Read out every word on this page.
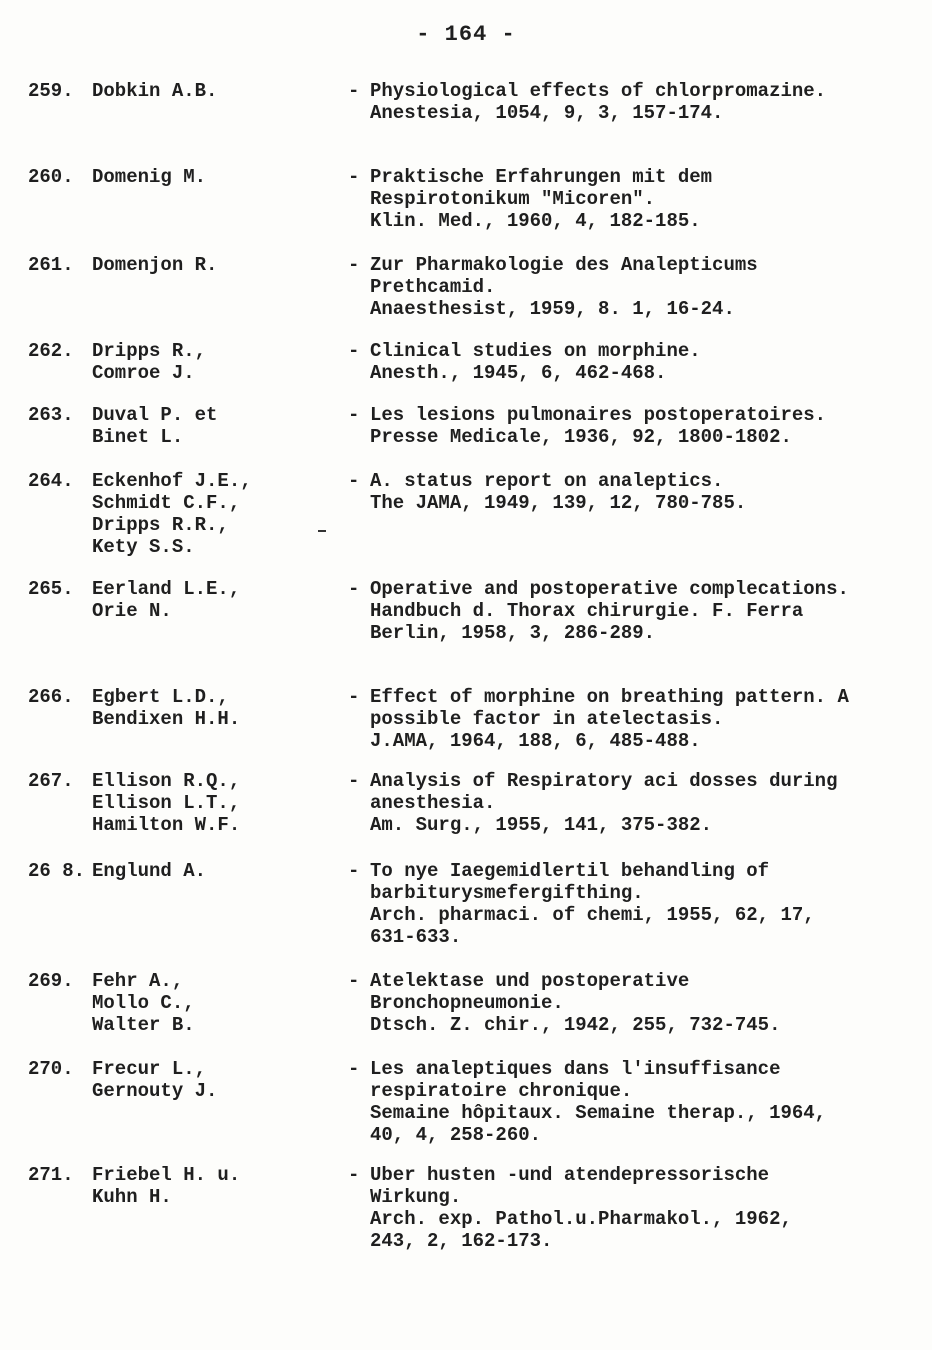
- 164 -
259. Dobkin A.B.	- Physiological effects of chlorpromazine.
Anestesia, 1054, 9, 3, 157-174.
260. Domenig M.	- Praktische Erfahrungen mit dem Respirotonikum "Micoren".
Klin. Med., 1960, 4, 182-185.
261. Domenjon R.	- Zur Pharmakologie des Analepticums Prethcamid.
Anaesthesist, 1959, 8. 1, 16-24.
262. Dripps R.,
Comroe J.
- Clinical studies on morphine.
Anesth., 1945, 6, 462-468.
263. Duval P. et
Binet L.
- Les lesions pulmonaires postoperatoires.
Presse Medicale, 1936, 92, 1800-1802.
264. Eckenhof J.E.,
Schmidt C.F.,
Dripps R.R.,
Kety S.S.
- A. status report on analeptics.
The JAMA, 1949, 139, 12, 780-785.
265. Eerland L.E.,
Orie N.
- Operative and postoperative complecations.
Handbuch d. Thorax chirurgie. F. Ferra
Berlin, 1958, 3, 286-289.
266. Egbert L.D.,
Bendixen H.H.
- Effect of morphine on breathing pattern. A possible factor in atelectasis.
J.AMA, 1964, 188, 6, 485-488.
267. Ellison R.Q.,
Ellison L.T.,
Hamilton W.F.
- Analysis of Respiratory aci dosses during anesthesia.
Am. Surg., 1955, 141, 375-382.
26 8. Englund A.	- To nye Iaegemidlertil behandling of barbiturysmefergifthing.
Arch. pharmaci. of chemi, 1955, 62, 17,
631-633.
269. Fehr A.,
Mollo C.,
Walter B.
- Atelektase und postoperative Bronchopneumonie.
Dtsch. Z. chir., 1942, 255, 732-745.
270. Frecur L.,
Gernouty J.
- Les analeptiques dans l'insuffisance respiratoire chronique.
Semaine hôpitaux. Semaine therap., 1964,
40, 4, 258-260.
271. Friebel H. u.
Kuhn H.
- Uber husten -und atendepressorische Wirkung.
Arch. exp. Pathol.u.Pharmakol., 1962,
243, 2, 162-173.
